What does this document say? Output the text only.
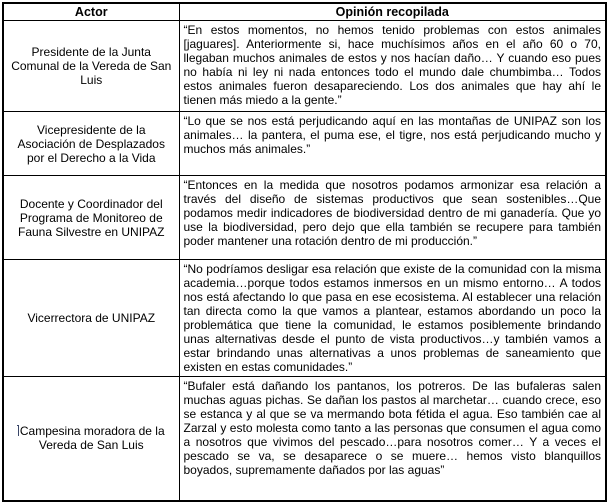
Actor	Opinión recopilada
Presidente de la Junta Comunal de la Vereda de San Luis	“En estos momentos, no hemos tenido problemas con estos animales [jaguares]. Anteriormente si, hace muchísimos años en el año 60 o 70, llegaban muchos animales de estos y nos hacían daño… Y cuando eso pues no había ni ley ni nada entonces todo el mundo dale chumbimba… Todos estos animales fueron desapareciendo. Los dos animales que hay ahí le tienen más miedo a la gente.”
Vicepresidente de la Asociación de Desplazados por el Derecho a la Vida	“Lo que se nos está perjudicando aquí en las montañas de UNIPAZ son los animales… la pantera, el puma ese, el tigre, nos está perjudicando mucho y muchos más animales.”
Docente y Coordinador del Programa de Monitoreo de Fauna Silvestre en UNIPAZ	“Entonces en la medida que nosotros podamos armonizar esa relación a través del diseño de sistemas productivos que sean sostenibles…Que podamos medir indicadores de biodiversidad dentro de mi ganadería. Que yo use la biodiversidad, pero dejo que ella también se recupere para también poder mantener una rotación dentro de mi producción.”
Vicerrectora de UNIPAZ	“No podríamos desligar esa relación que existe de la comunidad con la misma academia…porque todos estamos inmersos en un mismo entorno… A todos nos está afectando lo que pasa en ese ecosistema. Al establecer una relación tan directa como la que vamos a plantear, estamos abordando un poco la problemática que tiene la comunidad, le estamos posiblemente brindando unas alternativas desde el punto de vista productivos…y también vamos a estar brindando unas alternativas a unos problemas de saneamiento que existen en estas comunidades.”
Campesina moradora de la Vereda de San Luis	“Bufaler está dañando los pantanos, los potreros. De las bufaleras salen muchas aguas pichas. Se dañan los pastos al marchetar… cuando crece, eso se estanca y al que se va mermando bota fétida el agua. Eso también cae al Zarzal y esto molesta como tanto a las personas que consumen el agua como a nosotros que vivimos del pescado…para nosotros comer… Y a veces el pescado se va, se desaparece o se muere… hemos visto blanquillos boyados, supremamente dañados por las aguas”
